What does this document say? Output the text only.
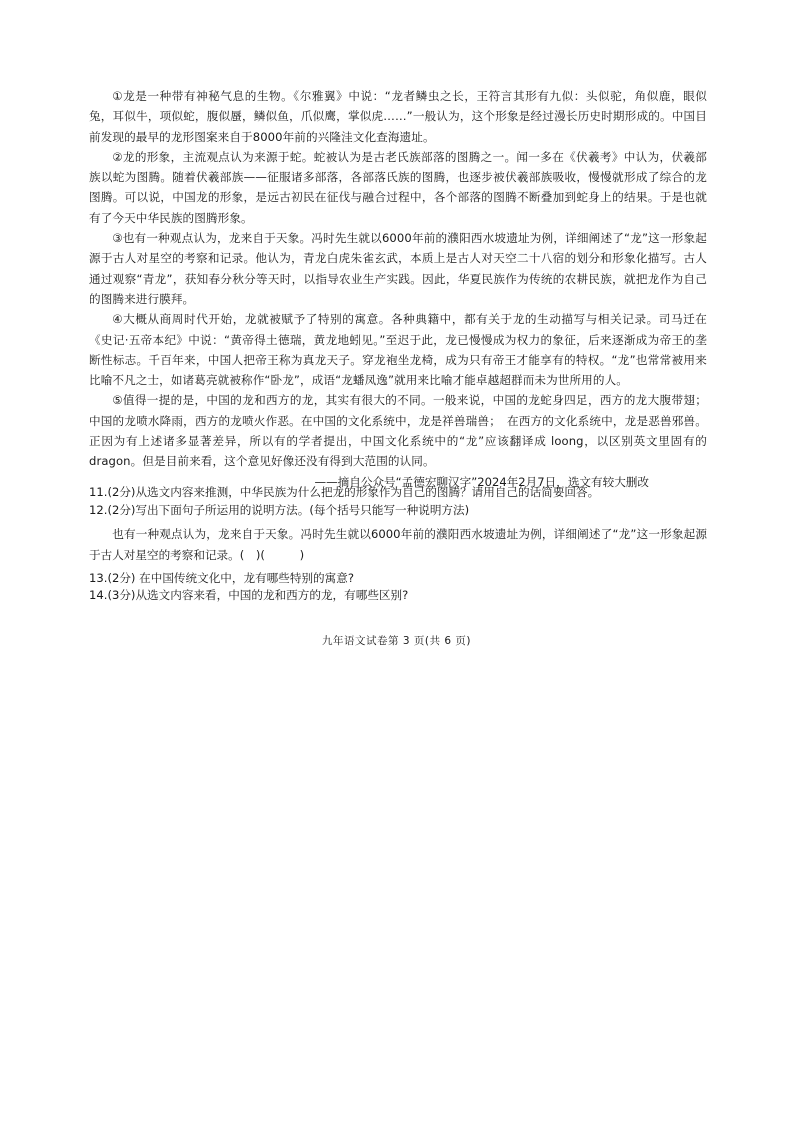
①龙是一种带有神秘气息的生物。《尔雅翼》中说：“龙者鳞虫之长，王符言其形有九似：头似驼，角似鹿，眼似兔，耳似牛，项似蛇，腹似蜃，鳞似鱼，爪似鹰，掌似虎……”一般认为，这个形象是经过漫长历史时期形成的。中国目前发现的最早的龙形图案来自于8000年前的兴隆洼文化查海遗址。

②龙的形象，主流观点认为来源于蛇。蛇被认为是古老氏族部落的图腾之一。闻一多在《伏羲考》中认为，伏羲部族以蛇为图腾。随着伏羲部族——征服诸多部落，各部落氏族的图腾，也逐步被伏羲部族吸收，慢慢就形成了综合的龙图腾。可以说，中国龙的形象，是远古初民在征伐与融合过程中，各个部落的图腾不断叠加到蛇身上的结果。于是也就有了今天中华民族的图腾形象。

③也有一种观点认为，龙来自于天象。冯时先生就以6000年前的濮阳西水坡遗址为例，详细阐述了“龙”这一形象起源于古人对星空的考察和记录。他认为，青龙白虎朱雀玄武，本质上是古人对天空二十八宿的划分和形象化描写。古人通过观察“青龙”，获知春分秋分等天时，以指导农业生产实践。因此，华夏民族作为传统的农耕民族，就把龙作为自己的图腾来进行膜拜。

④大概从商周时代开始，龙就被赋予了特别的寓意。各种典籍中，都有关于龙的生动描写与相关记录。司马迁在《史记·五帝本纪》中说：“黄帝得土德瑞，黄龙地蚓见。”至迟于此，龙已慢慢成为权力的象征，后来逐渐成为帝王的垄断性标志。千百年来，中国人把帝王称为真龙天子。穿龙袍坐龙椅，成为只有帝王才能享有的特权。“龙”也常常被用来比喻不凡之士，如诸葛亮就被称作“卧龙”，成语“龙蟠凤逸”就用来比喻才能卓越超群而未为世所用的人。

⑤值得一提的是，中国的龙和西方的龙，其实有很大的不同。一般来说，中国的龙蛇身四足，西方的龙大腹带翅；中国的龙喷水降雨，西方的龙喷火作恶。在中国的文化系统中，龙是祥兽瑞兽；　在西方的文化系统中，龙是恶兽邪兽。正因为有上述诸多显著差异，所以有的学者提出，中国文化系统中的“龙”应该翻译成 loong，以区别英文里固有的 dragon。但是目前来看，这个意见好像还没有得到大范围的认同。

——摘自公众号“孟德宏聊汉字”2024年2月7日，选文有较大删改

11.(2分)从选文内容来推测，中华民族为什么把龙的形象作为自己的图腾？请用自己的话简要回答。

12.(2分)写出下面句子所运用的说明方法。(每个括号只能写一种说明方法)

也有一种观点认为，龙来自于天象。冯时先生就以6000年前的濮阳西水坡遗址为例，详细阐述了“龙”这一形象起源于古人对星空的考察和记录。(　)(　　　)

13.(2分) 在中国传统文化中，龙有哪些特别的寓意?

14.(3分)从选文内容来看，中国的龙和西方的龙，有哪些区别?

九年语文试卷第 3 页(共 6 页)
